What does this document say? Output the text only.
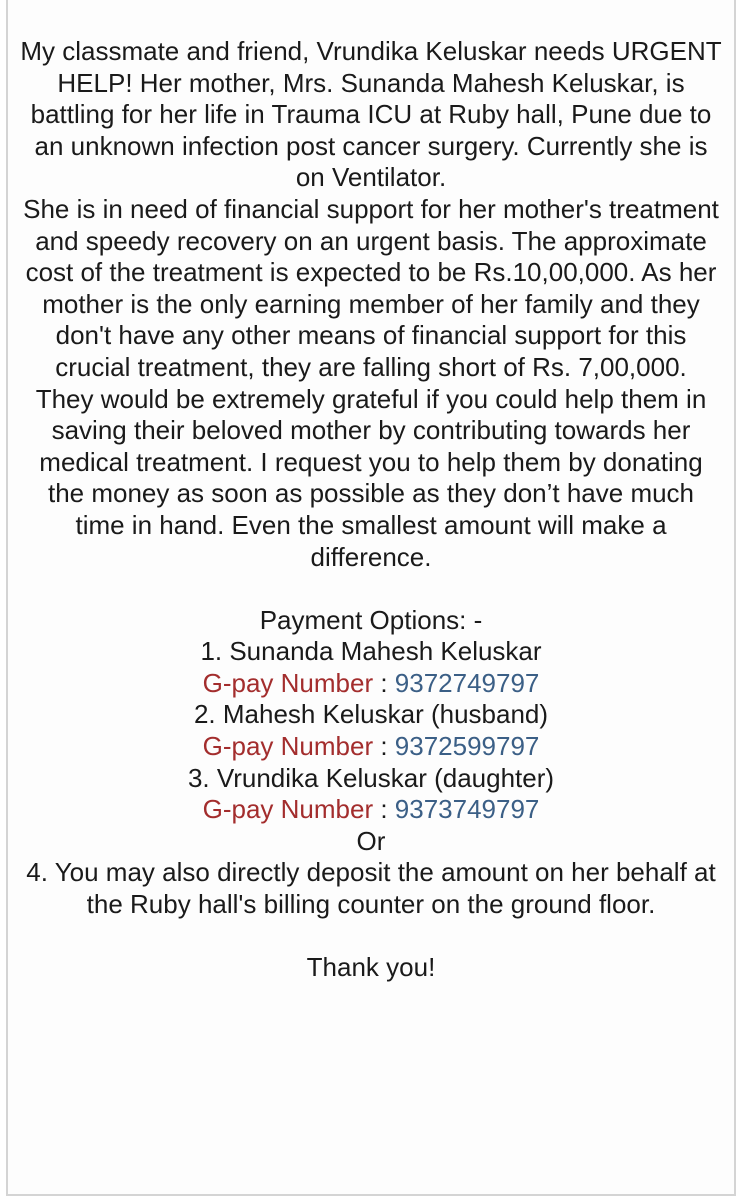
My classmate and friend, Vrundika Keluskar needs URGENT HELP! Her mother, Mrs. Sunanda Mahesh Keluskar, is battling for her life in Trauma ICU at Ruby hall, Pune due to an unknown infection post cancer surgery. Currently she is on Ventilator.

She is in need of financial support for her mother's treatment and speedy recovery on an urgent basis. The approximate cost of the treatment is expected to be Rs.10,00,000. As her mother is the only earning member of her family and they don't have any other means of financial support for this crucial treatment, they are falling short of Rs. 7,00,000.

They would be extremely grateful if you could help them in saving their beloved mother by contributing towards her medical treatment. I request you to help them by donating the money as soon as possible as they don’t have much time in hand. Even the smallest amount will make a difference.

Payment Options: -

1. Sunanda Mahesh Keluskar

G-pay Number : 9372749797

2. Mahesh Keluskar (husband)

G-pay Number : 9372599797

3. Vrundika Keluskar (daughter)

G-pay Number : 9373749797

Or

4. You may also directly deposit the amount on her behalf at the Ruby hall's billing counter on the ground floor.

Thank you!
